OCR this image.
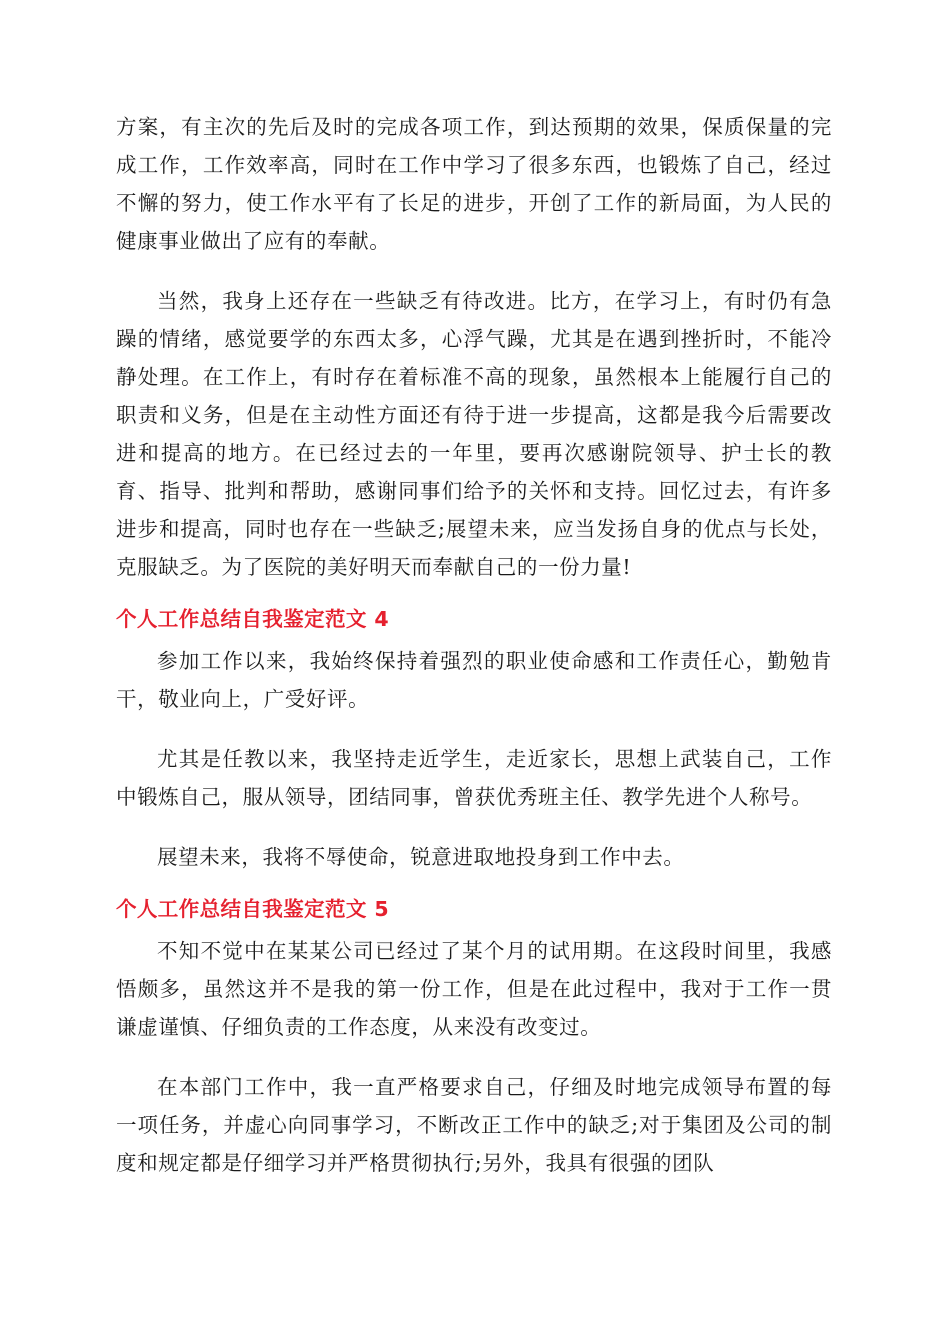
方案，有主次的先后及时的完成各项工作，到达预期的效果，保质保量的完成工作，工作效率高，同时在工作中学习了很多东西，也锻炼了自己，经过不懈的努力，使工作水平有了长足的进步，开创了工作的新局面，为人民的健康事业做出了应有的奉献。

当然，我身上还存在一些缺乏有待改进。比方，在学习上，有时仍有急躁的情绪，感觉要学的东西太多，心浮气躁，尤其是在遇到挫折时，不能冷静处理。在工作上，有时存在着标准不高的现象，虽然根本上能履行自己的职责和义务，但是在主动性方面还有待于进一步提高，这都是我今后需要改进和提高的地方。在已经过去的一年里，要再次感谢院领导、护士长的教育、指导、批判和帮助，感谢同事们给予的关怀和支持。回忆过去，有许多进步和提高，同时也存在一些缺乏;展望未来，应当发扬自身的优点与长处，克服缺乏。为了医院的美好明天而奉献自己的一份力量!

个人工作总结自我鉴定范文 4

参加工作以来，我始终保持着强烈的职业使命感和工作责任心，勤勉肯干，敬业向上，广受好评。

尤其是任教以来，我坚持走近学生，走近家长，思想上武装自己，工作中锻炼自己，服从领导，团结同事，曾获优秀班主任、教学先进个人称号。

展望未来，我将不辱使命，锐意进取地投身到工作中去。

个人工作总结自我鉴定范文 5

不知不觉中在某某公司已经过了某个月的试用期。在这段时间里，我感悟颇多，虽然这并不是我的第一份工作，但是在此过程中，我对于工作一贯谦虚谨慎、仔细负责的工作态度，从来没有改变过。

在本部门工作中，我一直严格要求自己，仔细及时地完成领导布置的每一项任务，并虚心向同事学习，不断改正工作中的缺乏;对于集团及公司的制度和规定都是仔细学习并严格贯彻执行;另外，我具有很强的团队
